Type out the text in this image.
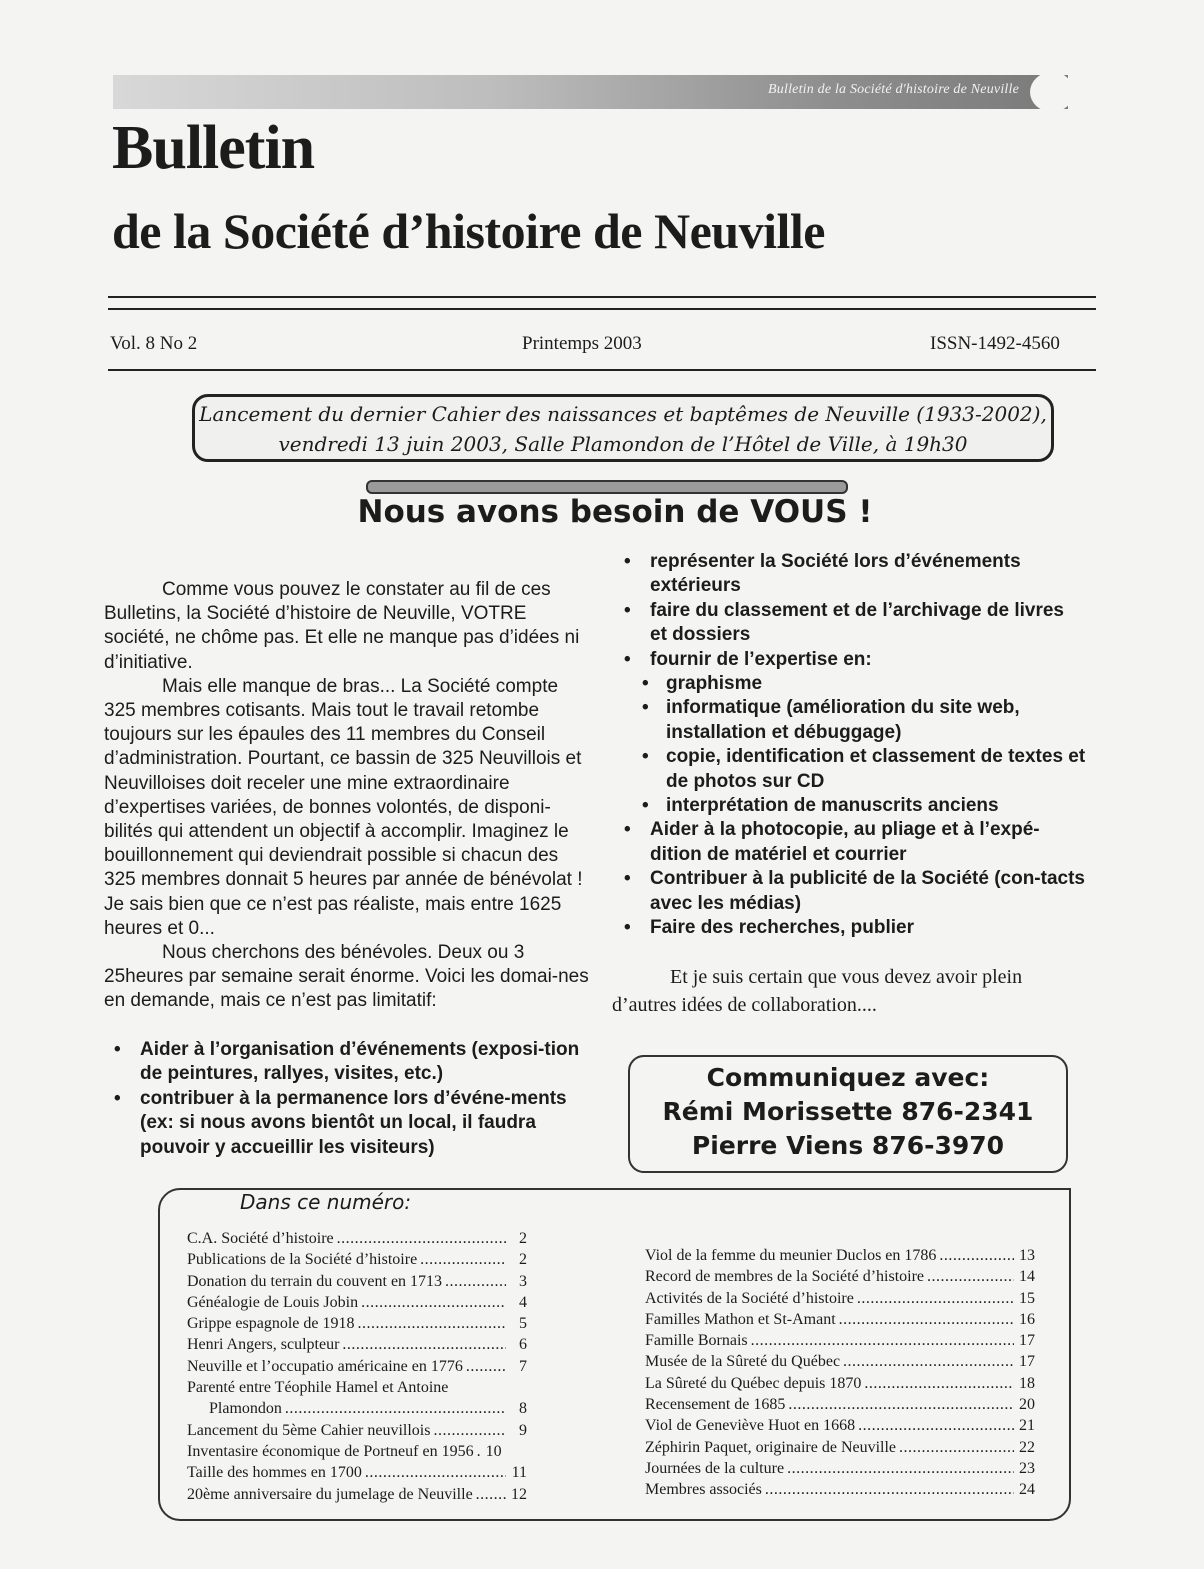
Bulletin de la Société d'histoire de Neuville
Bulletin
de la Société d’histoire de Neuville
Vol. 8 No 2	Printemps 2003	ISSN-1492-4560
Lancement du dernier Cahier des naissances et baptêmes de Neuville (1933-2002),
vendredi 13 juin 2003, Salle Plamondon de l’Hôtel de Ville, à 19h30
Nous avons besoin de VOUS !

Comme vous pouvez le constater au fil de ces Bulletins, la Société d’histoire de Neuville, VOTRE société, ne chôme pas. Et elle ne manque pas d’idées ni d’initiative.

Mais elle manque de bras... La Société compte 325 membres cotisants. Mais tout le travail retombe toujours sur les épaules des 11 membres du Conseil d’administration. Pourtant, ce bassin de 325 Neuvillois et Neuvilloises doit receler une mine extraordinaire d’expertises variées, de bonnes volontés, de disponi-bilités qui attendent un objectif à accomplir. Imaginez le bouillonnement qui deviendrait possible si chacun des 325 membres donnait 5 heures par année de bénévolat ! Je sais bien que ce n’est pas réaliste, mais entre 1625 heures et 0...

Nous cherchons des bénévoles. Deux ou 3 25heures par semaine serait énorme. Voici les domai-nes en demande, mais ce n’est pas limitatif:

• Aider à l’organisation d’événements (exposi-tion de peintures, rallyes, visites, etc.)
• contribuer à la permanence lors d’événe-ments (ex: si nous avons bientôt un local, il faudra pouvoir y accueillir les visiteurs)
• représenter la Société lors d’événements extérieurs
• faire du classement et de l’archivage de livres et dossiers
• fournir de l’expertise en:
• graphisme
• informatique (amélioration du site web, installation et débuggage)
• copie, identification et classement de textes et de photos sur CD
• interprétation de manuscrits anciens
• Aider à la photocopie, au pliage et à l’expé-dition de matériel et courrier
• Contribuer à la publicité de la Société (con-tacts avec les médias)
• Faire des recherches, publier

Et je suis certain que vous devez avoir plein

d’autres idées de collaboration....

Communiquez avec:
Rémi Morissette 876-2341
Pierre Viens 876-3970
Dans ce numéro:
C.A. Société d’histoire .....	2
Publications de la Société d’histoire .....	2
Donation du terrain du couvent en 1713 .....	3
Généalogie de Louis Jobin .....	4
Grippe espagnole de 1918 .....	5
Henri Angers, sculpteur .....	6
Neuville et l’occupatio américaine en 1776 .....	7
Parenté entre Téophile Hamel et Antoine
Plamondon .....	8
Lancement du 5ème Cahier neuvillois .....	9
Inventasire économique de Portneuf en 1956 ..... 10
Taille des hommes en 1700 .....	11
20ème anniversaire du jumelage de Neuville ..... 12
Viol de la femme du meunier Duclos en 1786 .....	13
Record de membres de la Société d’histoire .....	14
Activités de la Société d’histoire .....	15
Familles Mathon et St-Amant .....	16
Famille Bornais .....	17
Musée de la Sûreté du Québec .....	17
La Sûreté du Québec depuis 1870 .....	18
Recensement de 1685 .....	20
Viol de Geneviève Huot en 1668 .....	21
Zéphirin Paquet, originaire de Neuville .....	22
Journées de la culture .....	23
Membres associés .....	24
